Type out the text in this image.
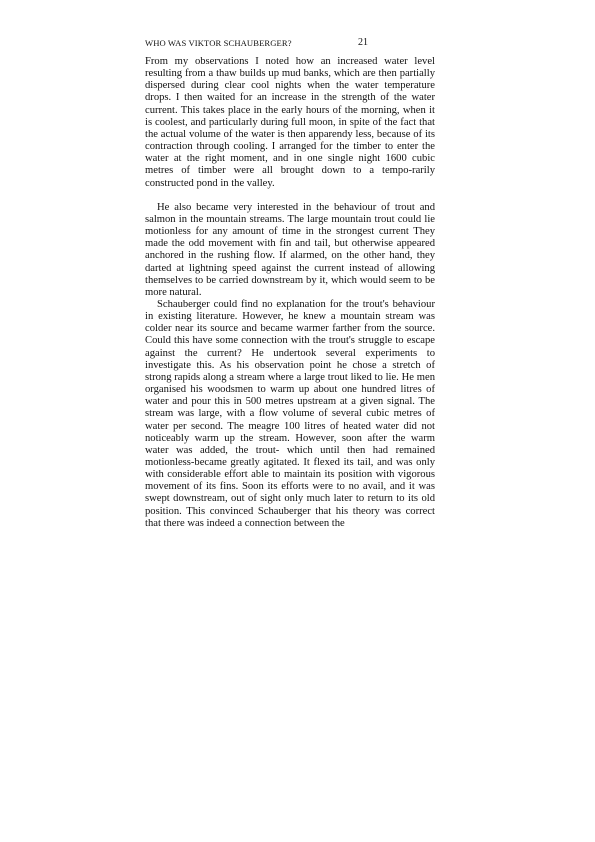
WHO WAS VIKTOR SCHAUBERGER?	21

From my observations I noted how an increased water level resulting from a thaw builds up mud banks, which are then partially dispersed during clear cool nights when the water temperature drops. I then waited for an increase in the strength of the water current. This takes place in the early hours of the morning, when it is coolest, and particularly during full moon, in spite of the fact that the actual volume of the water is then apparendy less, because of its contraction through cooling. I arranged for the timber to enter the water at the right moment, and in one single night 1600 cubic metres of timber were all brought down to a tempo-rarily constructed pond in the valley.

He also became very interested in the behaviour of trout and salmon in the mountain streams. The large mountain trout could lie motionless for any amount of time in the strongest current They made the odd movement with fin and tail, but otherwise appeared anchored in the rushing flow. If alarmed, on the other hand, they darted at lightning speed against the current instead of allowing themselves to be carried downstream by it, which would seem to be more natural.

Schauberger could find no explanation for the trout's behaviour in existing literature. However, he knew a mountain stream was colder near its source and became warmer farther from the source. Could this have some connection with the trout's struggle to escape against the current? He undertook several experiments to investigate this. As his observation point he chose a stretch of strong rapids along a stream where a large trout liked to lie. He men organised his woodsmen to warm up about one hundred litres of water and pour this in 500 metres upstream at a given signal. The stream was large, with a flow volume of several cubic metres of water per second. The meagre 100 litres of heated water did not noticeably warm up the stream. However, soon after the warm water was added, the trout- which until then had remained motionless-became greatly agitated. It flexed its tail, and was only with considerable effort able to maintain its position with vigorous movement of its fins. Soon its efforts were to no avail, and it was swept downstream, out of sight only much later to return to its old position. This convinced Schauberger that his theory was correct that there was indeed a connection between the
